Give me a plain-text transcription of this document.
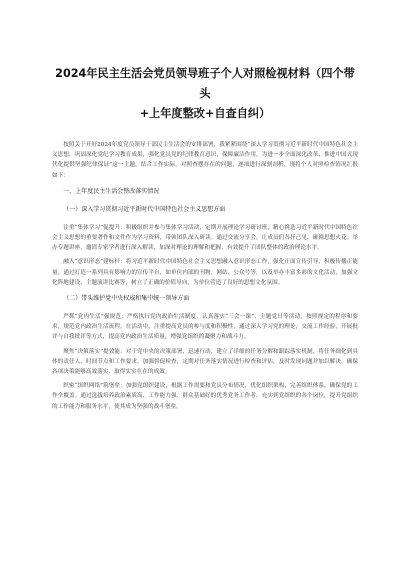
2024年民主生活会党员领导班子个人对照检视材料（四个带头
+上年度整改+自查自纠）

按照关于开好2024年度党员领导干部民主生活会的安排部署，我紧紧围绕“深入学习贯彻习近平新时代中国特色社会主义思想，巩固深化党纪学习教育成果，强化党员党的纪律教育意识，保障廉洁作用，为进一步全面深化改革、推进中国式现代化提供坚强纪律保证”这一主题，结合工作实际，对照查摆存在的问题，逐项进行深刻剖析，现将个人对照检查情况汇报如下：

一、上年度民主生活会整改落实情况
（一）深入学习贯彻习近平新时代中国特色社会主义思想方面

注重“集体学习”促提升：积极组织并参与集体学习活动，定期开展理论学习研讨班，精心挑选习近平新时代中国特色社会主义思想的重要著作和文件作为学习资料，带领团队深入研读。通过交流分享会，让成员们各抒己见，碰撞思想火花；举办专题讲座，邀请专家学者进行深入解读，加深对理论的理解和把握，有效提升了团队整体的政治理论水平。

融入“意识形态”建标杆：将习近平新时代中国特色社会主义思想融入意识形态工作，强化正面宣传引导，积极传播正能量。通过打造一系列具有影响力的宣传平台，如单位内部的刊物、网站、公众号等，以及举办丰富多彩的文化活动，加强文化阵地建设，主题演讲比赛等，树立了正确的价值导向，为单位营造了良好的思想文化氛围。

（二）带头维护党中央权威和集中统一领导方面

严抓“党内生活”强规范：严格执行党内政治生活制度，认真落实“三会一课”、主题党日等活动，按照规定的程序和要求，规范党内政治生活流程。在活动中，注重提高党员的参与度和积极性，通过深入学习党的理论，交流工作经验，开展批评与自我批评等方式，提高党内政治生活质量，增强党组织的凝聚力和战斗力。

聚焦“决策落实”提效能：对于党中央的决策部署，迅速行动，建立了详细的任务分解和跟踪落实机制，将任务细化到具体的责任人，时间节点和工作要求。加强督促检查，定期对任务落实情况进行检查和评估，及时发现问题并加以解决，确保各项决策能够高效落实，取得实实在在的成效。

织密“组织网络”筑堡垒：加强党组织建设，根据工作需要和党员分布情况，优化组织架构，完善组织体系，确保党的工作全覆盖。通过选拔培养政治素质高、工作能力强、群众基础好的优秀党务工作者，充实到党组织的各个岗位，提升党组织的工作能力和服务水平，使其成为坚强的战斗堡垒。
